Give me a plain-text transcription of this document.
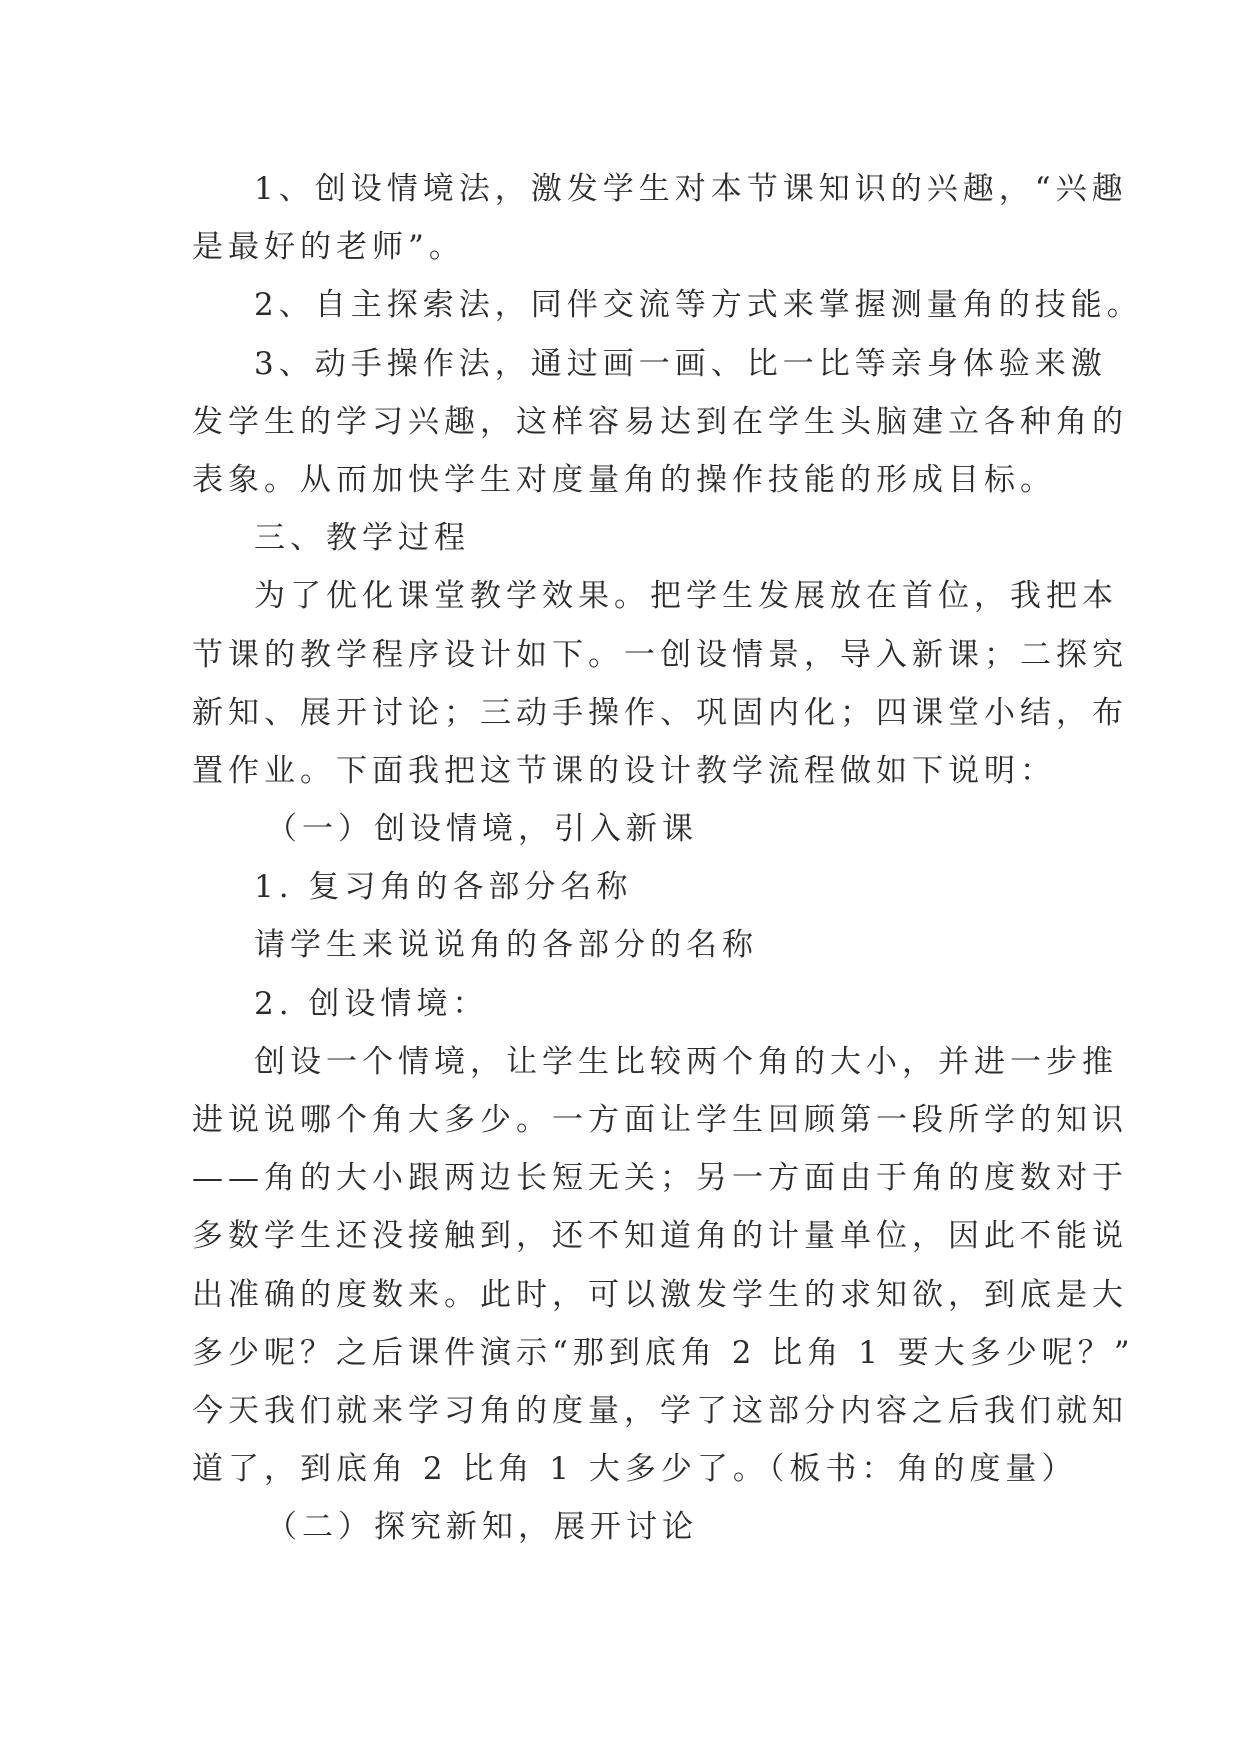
1、创设情境法，激发学生对本节课知识的兴趣，“兴趣
是最好的老师”。
2、自主探索法，同伴交流等方式来掌握测量角的技能。
3、动手操作法，通过画一画、比一比等亲身体验来激
发学生的学习兴趣，这样容易达到在学生头脑建立各种角的
表象。从而加快学生对度量角的操作技能的形成目标。
三、教学过程
为了优化课堂教学效果。把学生发展放在首位，我把本
节课的教学程序设计如下。一创设情景，导入新课；二探究
新知、展开讨论；三动手操作、巩固内化；四课堂小结，布
置作业。下面我把这节课的设计教学流程做如下说明：
（一）创设情境，引入新课
1. 复习角的各部分名称
请学生来说说角的各部分的名称
2. 创设情境：
创设一个情境，让学生比较两个角的大小，并进一步推
进说说哪个角大多少。一方面让学生回顾第一段所学的知识
——角的大小跟两边长短无关；另一方面由于角的度数对于
多数学生还没接触到，还不知道角的计量单位，因此不能说
出准确的度数来。此时，可以激发学生的求知欲，到底是大
多少呢？之后课件演示“那到底角 2 比角 1 要大多少呢？”
今天我们就来学习角的度量，学了这部分内容之后我们就知
道了，到底角 2 比角 1 大多少了。（板书：角的度量）
（二）探究新知，展开讨论
